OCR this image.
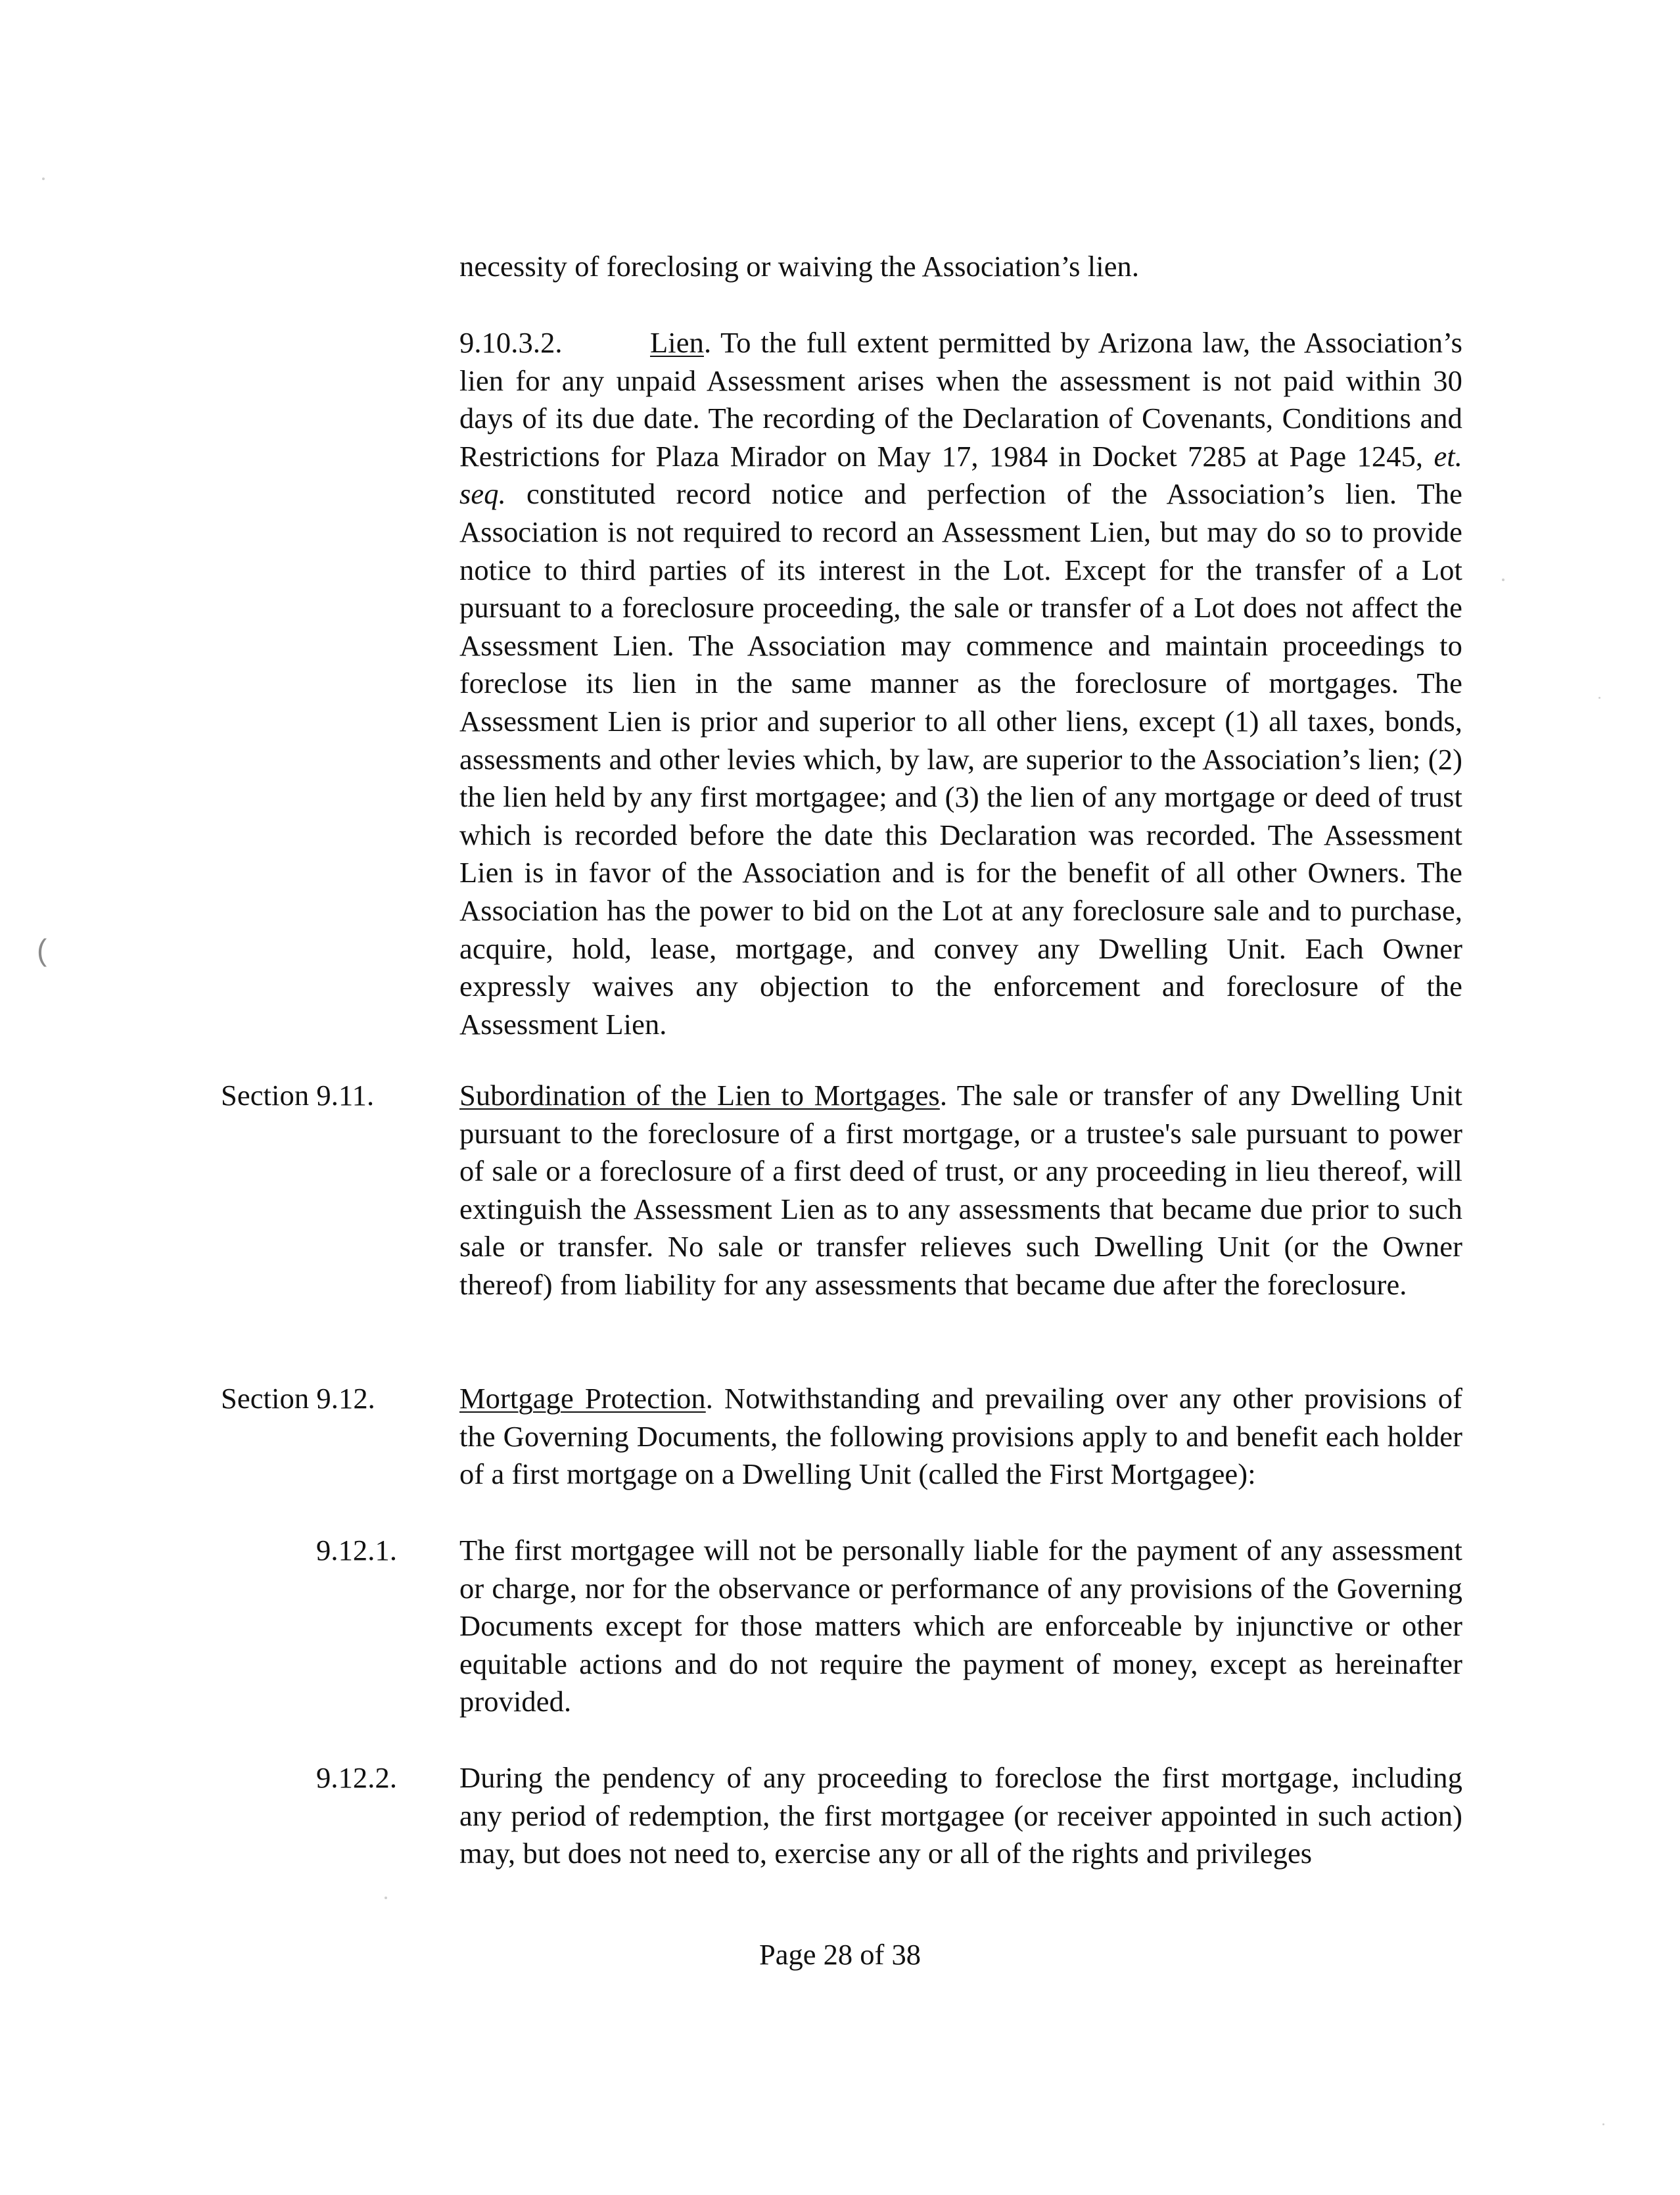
(
necessity of foreclosing or waiving the Association’s lien.
9.10.3.2.	Lien. To the full extent permitted by Arizona law, the Association’s lien for any unpaid Assessment arises when the assessment is not paid within 30 days of its due date. The recording of the Declaration of Covenants, Conditions and Restrictions for Plaza Mirador on May 17, 1984 in Docket 7285 at Page 1245, et. seq. constituted record notice and perfection of the Association’s lien. The Association is not required to record an Assessment Lien, but may do so to provide notice to third parties of its interest in the Lot. Except for the transfer of a Lot pursuant to a foreclosure proceeding, the sale or transfer of a Lot does not affect the Assessment Lien. The Association may commence and maintain proceedings to foreclose its lien in the same manner as the foreclosure of mortgages. The Assessment Lien is prior and superior to all other liens, except (1) all taxes, bonds, assessments and other levies which, by law, are superior to the Association’s lien; (2) the lien held by any first mortgagee; and (3) the lien of any mortgage or deed of trust which is recorded before the date this Declaration was recorded. The Assessment Lien is in favor of the Association and is for the benefit of all other Owners. The Association has the power to bid on the Lot at any foreclosure sale and to purchase, acquire, hold, lease, mortgage, and convey any Dwelling Unit. Each Owner expressly waives any objection to the enforcement and foreclosure of the Assessment Lien.
Section 9.11.	Subordination of the Lien to Mortgages. The sale or transfer of any Dwelling Unit pursuant to the foreclosure of a first mortgage, or a trustee's sale pursuant to power of sale or a foreclosure of a first deed of trust, or any proceeding in lieu thereof, will extinguish the Assessment Lien as to any assessments that became due prior to such sale or transfer. No sale or transfer relieves such Dwelling Unit (or the Owner thereof) from liability for any assessments that became due after the foreclosure.
Section 9.12.	Mortgage Protection. Notwithstanding and prevailing over any other provisions of the Governing Documents, the following provisions apply to and benefit each holder of a first mortgage on a Dwelling Unit (called the First Mortgagee):
9.12.1. The first mortgagee will not be personally liable for the payment of any assessment or charge, nor for the observance or performance of any provisions of the Governing Documents except for those matters which are enforceable by injunctive or other equitable actions and do not require the payment of money, except as hereinafter provided.
9.12.2. During the pendency of any proceeding to foreclose the first mortgage, including any period of redemption, the first mortgagee (or receiver appointed in such action) may, but does not need to, exercise any or all of the rights and privileges
Page 28 of 38
